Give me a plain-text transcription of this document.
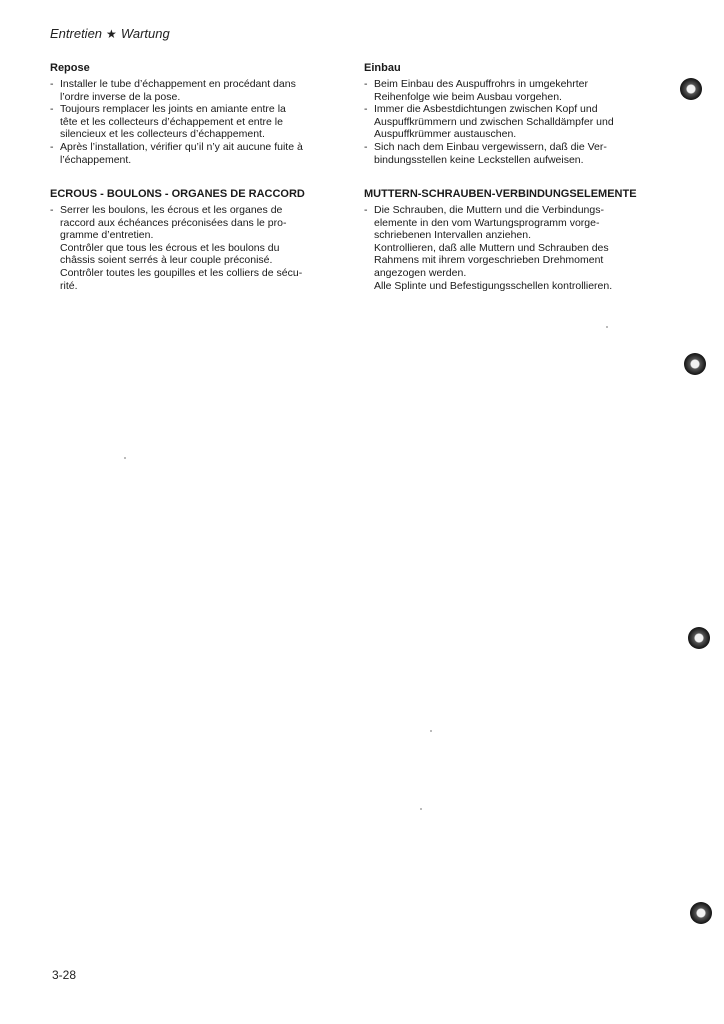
Entretien ★ Wartung
Repose
- Installer le tube d’échappement en procédant dans
l’ordre inverse de la pose.
- Toujours remplacer les joints en amiante entre la
tête et les collecteurs d’échappement et entre le
silencieux et les collecteurs d’échappement.
- Après l’installation, vérifier qu’il n’y ait aucune fuite à
l’échappement.
ECROUS - BOULONS - ORGANES DE RACCORD
- Serrer les boulons, les écrous et les organes de
raccord aux échéances préconisées dans le pro-
gramme d’entretien.
Contrôler que tous les écrous et les boulons du
châssis soient serrés à leur couple préconisé.
Contrôler toutes les goupilles et les colliers de sécu-
rité.
Einbau
- Beim Einbau des Auspuffrohrs in umgekehrter
Reihenfolge wie beim Ausbau vorgehen.
- Immer die Asbestdichtungen zwischen Kopf und
Auspuffkrümmern und zwischen Schalldämpfer und
Auspuffkrümmer austauschen.
- Sich nach dem Einbau vergewissern, daß die Ver-
bindungsstellen keine Leckstellen aufweisen.
MUTTERN-SCHRAUBEN-VERBINDUNGSELEMENTE
- Die Schrauben, die Muttern und die Verbindungs-
elemente in den vom Wartungsprogramm vorge-
schriebenen Intervallen anziehen.
Kontrollieren, daß alle Muttern und Schrauben des
Rahmens mit ihrem vorgeschrieben Drehmoment
angezogen werden.
Alle Splinte und Befestigungsschellen kontrollieren.
3-28
